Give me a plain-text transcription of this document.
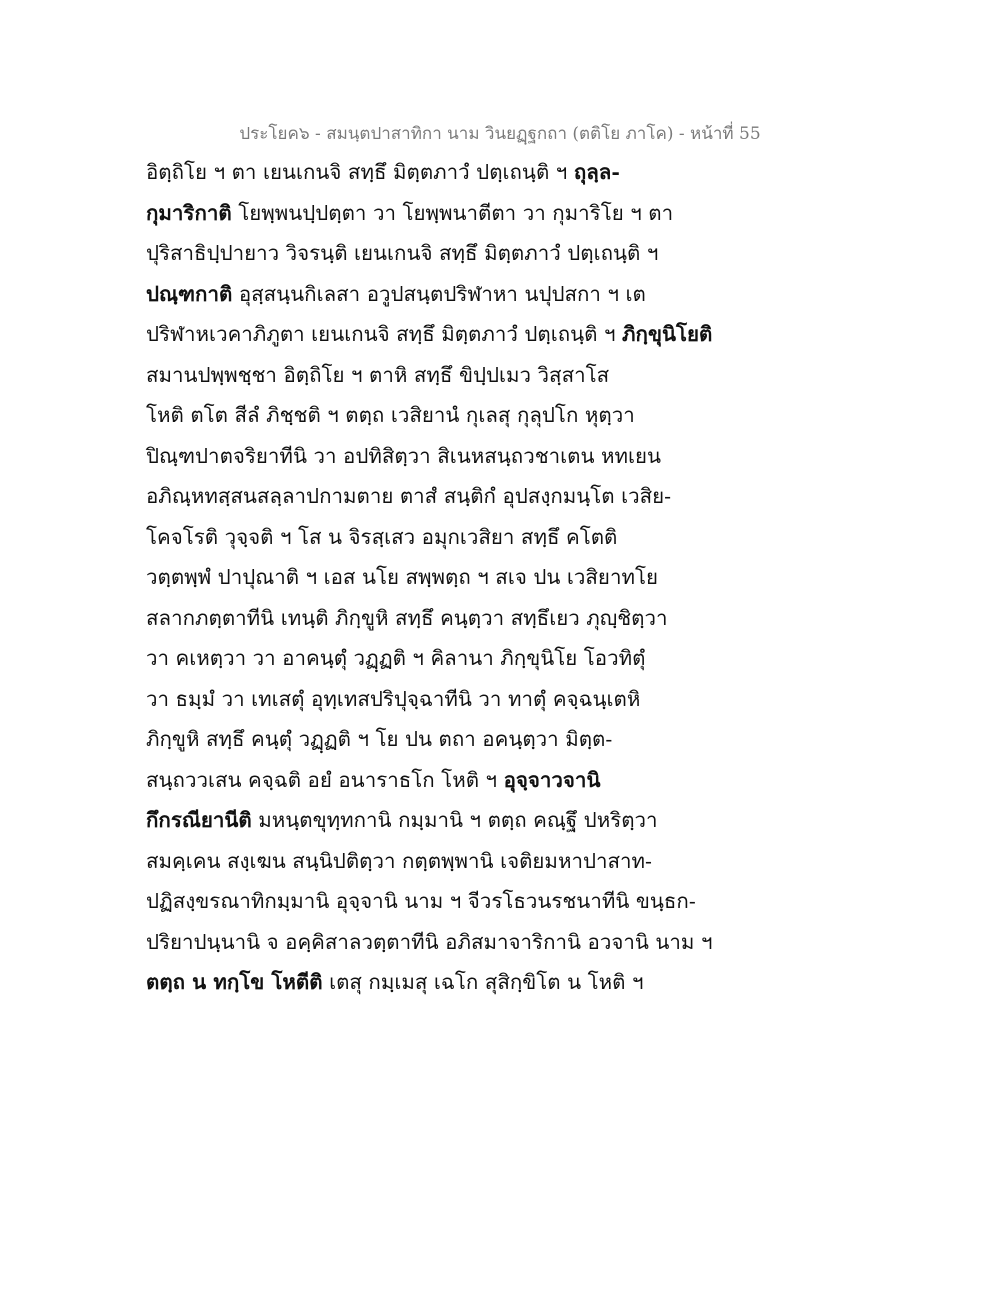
ประโยค๖ - สมนฺตปาสาทิกา นาม วินยฏฺฐกถา (ตติโย ภาโค) - หน้าที่ 55
อิตฺถิโย ฯ ตา เยนเกนจิ สทฺธึ มิตฺตภาวํ ปตฺเถนฺติ ฯ ถุลฺล-
กุมาริกาติ โยพฺพนปฺปตฺตา วา โยพฺพนาตีตา วา กุมาริโย ฯ ตา
ปุริสาธิปฺปายาว วิจรนฺติ เยนเกนจิ สทฺธึ มิตฺตภาวํ ปตฺเถนฺติ ฯ
ปณฺฑกาติ อุสฺสนฺนกิเลสา อวูปสนฺตปริฬาหา นปุปสกา ฯ เต
ปริฬาหเวคาภิภูตา เยนเกนจิ สทฺธึ มิตฺตภาวํ ปตฺเถนฺติ ฯ ภิกฺขุนิโยติ
สมานปพฺพชฺชา อิตฺถิโย ฯ ตาหิ สทฺธึ ขิปฺปเมว วิสฺสาโส
โหติ ตโต สีลํ ภิชฺชติ ฯ ตตฺถ เวสิยานํ กุเลสุ กุลุปโก หุตฺวา
ปิณฺฑปาตจริยาทีนิ วา อปทิสิตฺวา สิเนหสนฺถวชาเตน หทเยน
อภิณฺหทสฺสนสลฺลาปกามตาย ตาสํ สนฺติกํ อุปสงฺกมนฺโต เวสิย-
โคจโรติ วุจฺจติ ฯ โส น จิรสฺเสว อมุกเวสิยา สทฺธึ คโตติ
วตฺตพฺพํ ปาปุณาติ ฯ เอส นโย สพฺพตฺถ ฯ สเจ ปน เวสิยาทโย
สลากภตฺตาทีนิ เทนฺติ ภิกฺขูหิ สทฺธึ คนฺตฺวา สทฺธึเยว ภุญฺชิตฺวา
วา คเหตฺวา วา อาคนฺตุํ วฏฺฏติ ฯ คิลานา ภิกฺขุนิโย โอวทิตุํ
วา ธมฺมํ วา เทเสตุํ อุทฺเทสปริปุจฺฉาทีนิ วา ทาตุํ คจฺฉนฺเตหิ
ภิกฺขูหิ สทฺธึ คนฺตุํ วฏฺฏติ ฯ โย ปน ตถา อคนฺตฺวา มิตฺต-
สนฺถววเสน คจฺฉติ อยํ อนาราธโก โหติ ฯ อุจฺจาวจานิ
กึกรณียานีติ มหนฺตขุทฺทกานิ กมฺมานิ ฯ ตตฺถ คณฺฐึ ปหริตฺวา
สมคฺเคน สงฺเฆน สนฺนิปติตฺวา กตฺตพฺพานิ เจติยมหาปาสาท-
ปฏิสงฺขรณาทิกมฺมานิ อุจฺจานิ นาม ฯ จีวรโธวนรชนาทีนิ ขนฺธก-
ปริยาปนฺนานิ จ อคฺคิสาลวตฺตาทีนิ อภิสมาจาริกานิ อวจานิ นาม ฯ
ตตฺถ น ทกฺโข โหตีติ เตสุ กมฺเมสุ เฉโก สุสิกฺขิโต น โหติ ฯ
